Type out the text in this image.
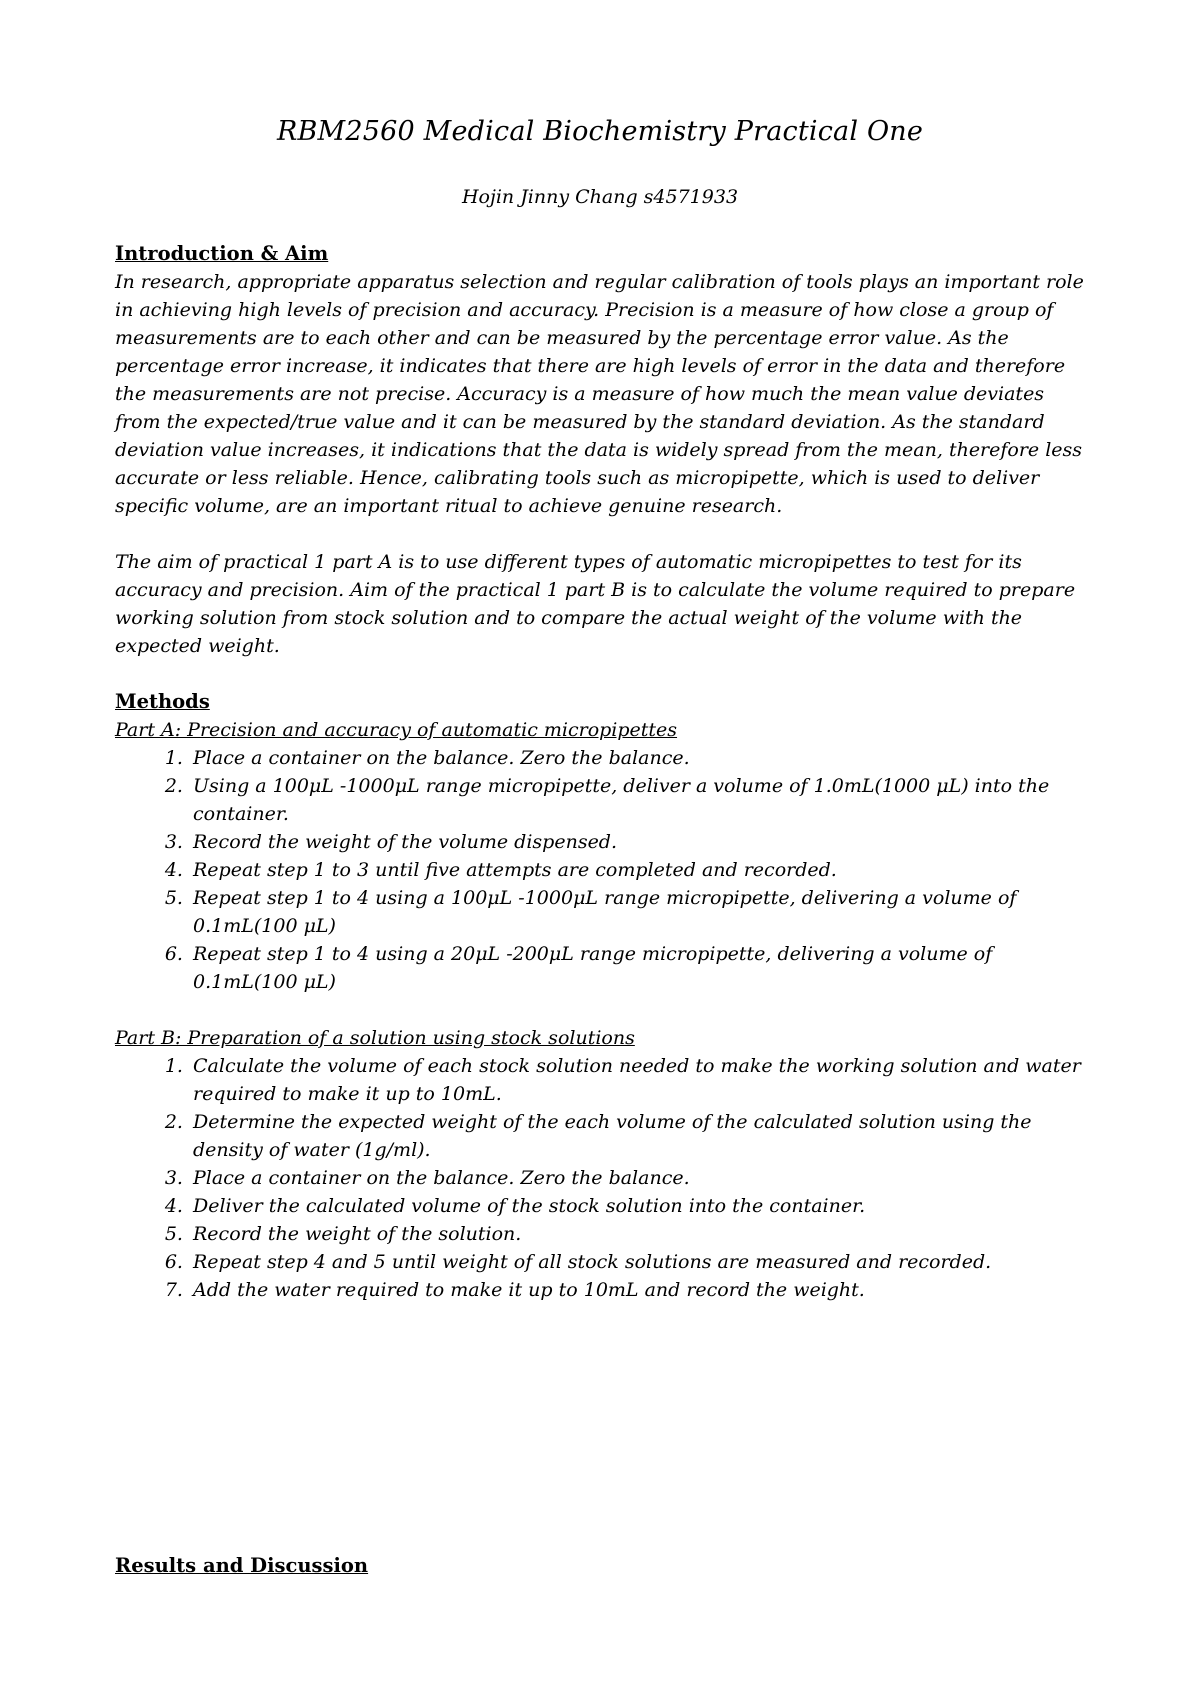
RBM2560 Medical Biochemistry Practical One
Hojin Jinny Chang s4571933
Introduction & Aim

In research, appropriate apparatus selection and regular calibration of tools plays an important role in achieving high levels of precision and accuracy. Precision is a measure of how close a group of measurements are to each other and can be measured by the percentage error value. As the percentage error increase, it indicates that there are high levels of error in the data and therefore the measurements are not precise. Accuracy is a measure of how much the mean value deviates from the expected/true value and it can be measured by the standard deviation. As the standard deviation value increases, it indications that the data is widely spread from the mean, therefore less accurate or less reliable. Hence, calibrating tools such as micropipette, which is used to deliver specific volume, are an important ritual to achieve genuine research.

The aim of practical 1 part A is to use different types of automatic micropipettes to test for its accuracy and precision. Aim of the practical 1 part B is to calculate the volume required to prepare working solution from stock solution and to compare the actual weight of the volume with the expected weight.

Methods
Part A: Precision and accuracy of automatic micropipettes
1. Place a container on the balance. Zero the balance.
2. Using a 100μL -1000μL range micropipette, deliver a volume of 1.0mL(1000 μL) into the container.
3. Record the weight of the volume dispensed.
4. Repeat step 1 to 3 until five attempts are completed and recorded.
5. Repeat step 1 to 4 using a 100μL -1000μL range micropipette, delivering a volume of 0.1mL(100 μL)
6. Repeat step 1 to 4 using a 20μL -200μL range micropipette, delivering a volume of 0.1mL(100 μL)
Part B: Preparation of a solution using stock solutions
1. Calculate the volume of each stock solution needed to make the working solution and water required to make it up to 10mL.
2. Determine the expected weight of the each volume of the calculated solution using the density of water (1g/ml).
3. Place a container on the balance. Zero the balance.
4. Deliver the calculated volume of the stock solution into the container.
5. Record the weight of the solution.
6. Repeat step 4 and 5 until weight of all stock solutions are measured and recorded.
7. Add the water required to make it up to 10mL and record the weight.
Results and Discussion
